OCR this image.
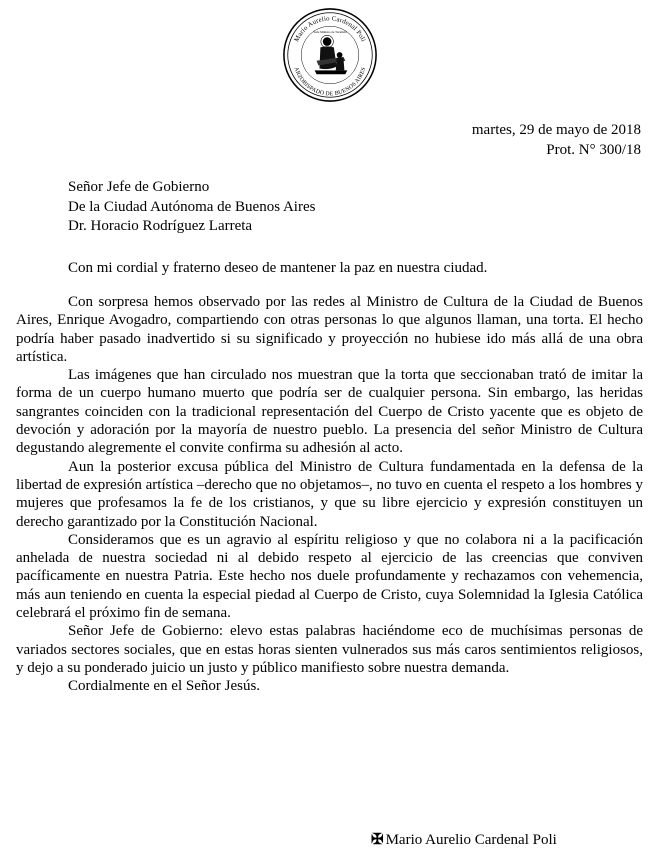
Mario Aurelio Cardenal Poli
ARZOBISPADO DE BUENOS AIRES
Sede Ministro de Tucumán
martes, 29 de mayo de 2018
Prot. N° 300/18
Señor Jefe de Gobierno
De la Ciudad Autónoma de Buenos Aires
Dr. Horacio Rodríguez Larreta
Con mi cordial y fraterno deseo de mantener la paz en nuestra ciudad.

Con sorpresa hemos observado por las redes al Ministro de Cultura de la Ciudad de Buenos Aires, Enrique Avogadro, compartiendo con otras personas lo que algunos llaman, una torta. El hecho podría haber pasado inadvertido si su significado y proyección no hubiese ido más allá de una obra artística.

Las imágenes que han circulado nos muestran que la torta que seccionaban trató de imitar la forma de un cuerpo humano muerto que podría ser de cualquier persona. Sin embargo, las heridas sangrantes coinciden con la tradicional representación del Cuerpo de Cristo yacente que es objeto de devoción y adoración por la mayoría de nuestro pueblo. La presencia del señor Ministro de Cultura degustando alegremente el convite confirma su adhesión al acto.

Aun la posterior excusa pública del Ministro de Cultura fundamentada en la defensa de la libertad de expresión artística –derecho que no objetamos–, no tuvo en cuenta el respeto a los hombres y mujeres que profesamos la fe de los cristianos, y que su libre ejercicio y expresión constituyen un derecho garantizado por la Constitución Nacional.

Consideramos que es un agravio al espíritu religioso y que no colabora ni a la pacificación anhelada de nuestra sociedad ni al debido respeto al ejercicio de las creencias que conviven pacíficamente en nuestra Patria. Este hecho nos duele profundamente y rechazamos con vehemencia, más aun teniendo en cuenta la especial piedad al Cuerpo de Cristo, cuya Solemnidad la Iglesia Católica celebrará el próximo fin de semana.

Señor Jefe de Gobierno: elevo estas palabras haciéndome eco de muchísimas personas de variados sectores sociales, que en estas horas sienten vulnerados sus más caros sentimientos religiosos, y dejo a su ponderado juicio un justo y público manifiesto sobre nuestra demanda.

Cordialmente en el Señor Jesús.

✠ Mario Aurelio Cardenal Poli
